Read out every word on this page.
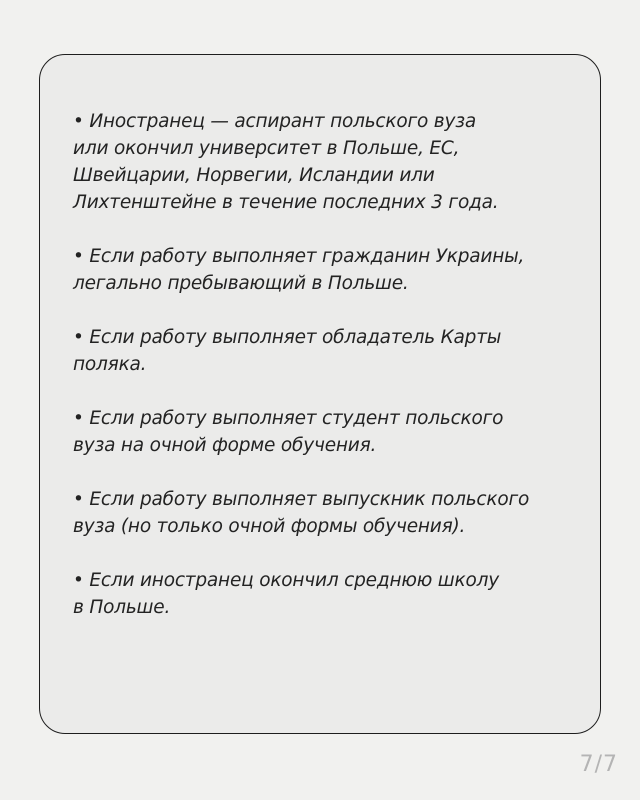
• Иностранец — аспирант польского вуза
или окончил университет в Польше, ЕС,
Швейцарии, Норвегии, Исландии или
Лихтенштейне в течение последних 3 года.
• Если работу выполняет гражданин Украины,
легально пребывающий в Польше.
• Если работу выполняет обладатель Карты
поляка.
• Если работу выполняет студент польского
вуза на очной форме обучения.
• Если работу выполняет выпускник польского
вуза (но только очной формы обучения).
• Если иностранец окончил среднюю школу
в Польше.
7/7
